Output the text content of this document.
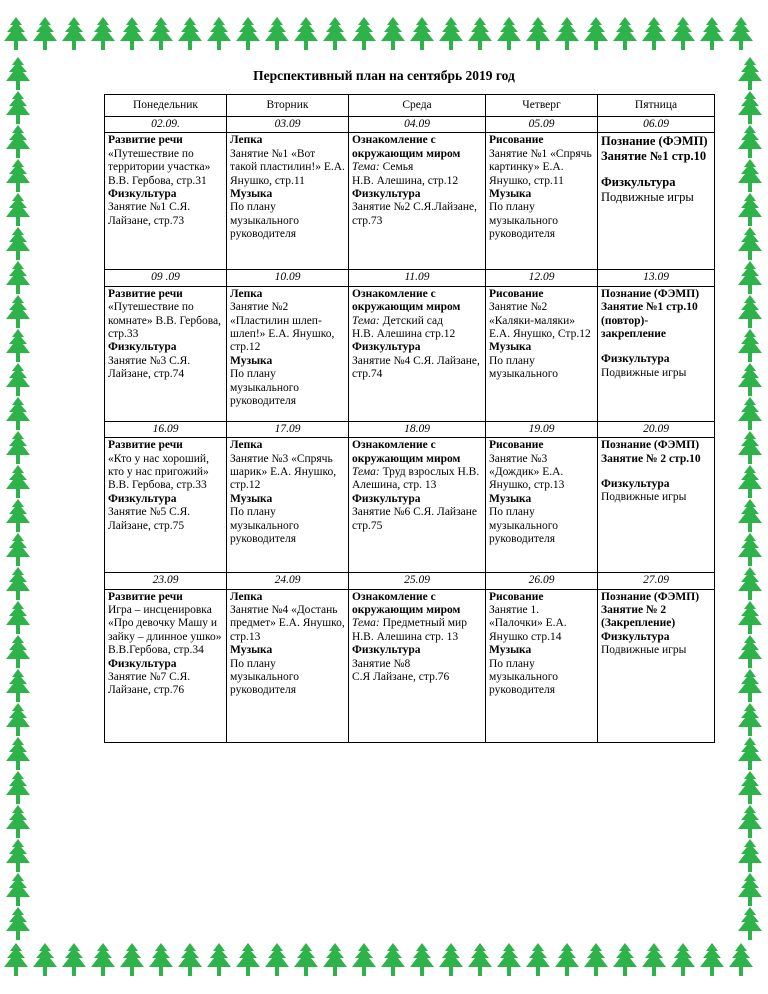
Перспективный план на сентябрь 2019 год
Понедельник	Вторник	Среда	Четверг	Пятница
02.09.	03.09	04.09	05.09	06.09

Развитие речи
«Путешествие по территории участка» В.В. Гербова, стр.31
Физкультура
Занятие №1 С.Я. Лайзане, стр.73	Лепка
Занятие №1 «Вот такой пластилин!» Е.А. Янушко, стр.11
Музыка
По плану музыкального руководителя	Ознакомление с окружающим миром
Тема: Семья
Н.В. Алешина, стр.12
Физкультура
Занятие №2 С.Я.Лайзане, стр.73	Рисование
Занятие №1 «Спрячь картинку» Е.А. Янушко, стр.11
Музыка
По плану музыкального руководителя	Познание (ФЭМП) Занятие №1 стр.10
Физкультура
Подвижные игры

09 .09	10.09	11.09	12.09	13.09

Развитие речи
«Путешествие по комнате» В.В. Гербова, стр.33
Физкультура
Занятие №3 С.Я. Лайзане, стр.74	Лепка
Занятие №2 «Пластилин шлеп-шлеп!» Е.А. Янушко, стр.12
Музыка
По плану музыкального руководителя	Ознакомление с окружающим миром
Тема: Детский сад
Н.В. Алешина стр.12
Физкультура
Занятие №4 С.Я. Лайзане, стр.74	Рисование
Занятие №2 «Каляки-маляки» Е.А. Янушко, Стр.12
Музыка
По плану музыкального	Познание (ФЭМП) Занятие №1 стр.10 (повтор)- закрепление
Физкультура
Подвижные игры

16.09	17.09	18.09	19.09	20.09

Развитие речи
«Кто у нас хороший, кто у нас пригожий» В.В. Гербова, стр.33
Физкультура
Занятие №5 С.Я. Лайзане, стр.75	Лепка
Занятие №3 «Спрячь шарик» Е.А. Янушко, стр.12
Музыка
По плану музыкального руководителя	Ознакомление с окружающим миром
Тема: Труд взрослых Н.В. Алешина, стр. 13
Физкультура
Занятие №6 С.Я. Лайзане стр.75	Рисование
Занятие №3 «Дождик» Е.А. Янушко, стр.13
Музыка
По плану музыкального руководителя	Познание (ФЭМП) Занятие № 2 стр.10
Физкультура
Подвижные игры

23.09	24.09	25.09	26.09	27.09

Развитие речи
Игра – инсценировка «Про девочку Машу и зайку – длинное ушко»
В.В.Гербова, стр.34
Физкультура
Занятие №7 С.Я. Лайзане, стр.76	Лепка
Занятие №4 «Достань предмет» Е.А. Янушко, стр.13
Музыка
По плану музыкального руководителя	Ознакомление с окружающим миром
Тема: Предметный мир Н.В. Алешина стр. 13
Физкультура
Занятие №8
С.Я Лайзане, стр.76	Рисование
Занятие 1. «Палочки» Е.А. Янушко стр.14
Музыка
По плану музыкального руководителя	Познание (ФЭМП) Занятие № 2 (Закрепление)
Физкультура
Подвижные игры
